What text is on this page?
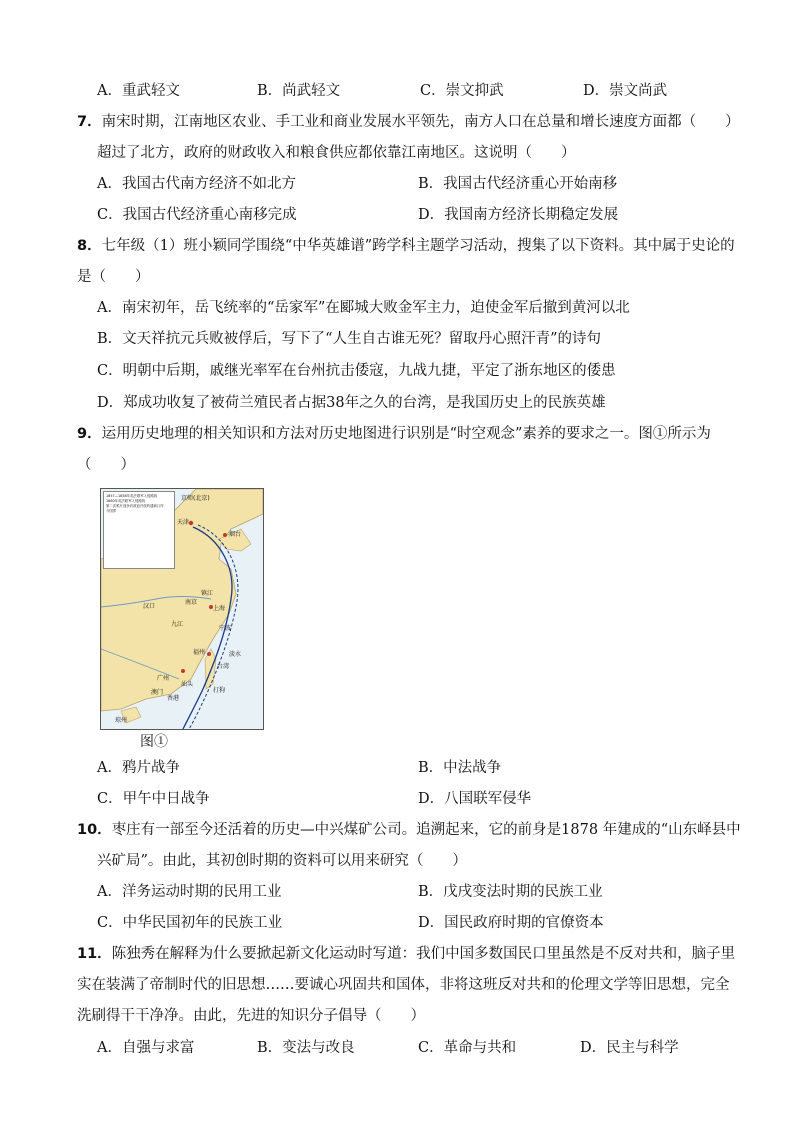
A．重武轻文	B．尚武轻文	C．崇文抑武	D．崇文尚武
7．南宋时期，江南地区农业、手工业和商业发展水平领先，南方人口在总量和增长速度方面都（　　）
超过了北方，政府的财政收入和粮食供应都依靠江南地区。这说明（　　）
A．我国古代南方经济不如北方	B．我国古代经济重心开始南移
C．我国古代经济重心南移完成	D．我国南方经济长期稳定发展
8．七年级（1）班小颖同学围绕“中华英雄谱”跨学科主题学习活动，搜集了以下资料。其中属于史论的
是（　　）
A．南宋初年，岳飞统率的“岳家军”在郾城大败金军主力，迫使金军后撤到黄河以北
B．文天祥抗元兵败被俘后，写下了“人生自古谁无死？留取丹心照汗青”的诗句
C．明朝中后期，戚继光率军在台州抗击倭寇，九战九捷，平定了浙东地区的倭患
D．郑成功收复了被荷兰殖民者占据38年之久的台湾，是我国历史上的民族英雄
9．运用历史地理的相关知识和方法对历史地图进行识别是“时空观念”素养的要求之一。图①所示为
（　　）
1857—1858年英法联军入侵路线
1860年英法联军入侵路线
第二次鸦片战争后被迫开放的通商口岸
今国界
京师(北京)
天津
烟台
镇江
南京
上海
汉口
九江
宁波
福州	淡水
台湾
广州
汕头
琼州
澳门
香港
打狗
图①
A．鸦片战争	B．中法战争
C．甲午中日战争	D．八国联军侵华
10．枣庄有一部至今还活着的历史—中兴煤矿公司。追溯起来，它的前身是1878 年建成的“山东峄县中
兴矿局”。由此，其初创时期的资料可以用来研究（　　）
A．洋务运动时期的民用工业	B．戊戌变法时期的民族工业
C．中华民国初年的民族工业	D．国民政府时期的官僚资本
11．陈独秀在解释为什么要掀起新文化运动时写道：我们中国多数国民口里虽然是不反对共和，脑子里
实在装满了帝制时代的旧思想……要诚心巩固共和国体，非将这班反对共和的伦理文学等旧思想，完全
洗刷得干干净净。由此，先进的知识分子倡导（　　）
A．自强与求富	B．变法与改良	C．革命与共和	D．民主与科学
